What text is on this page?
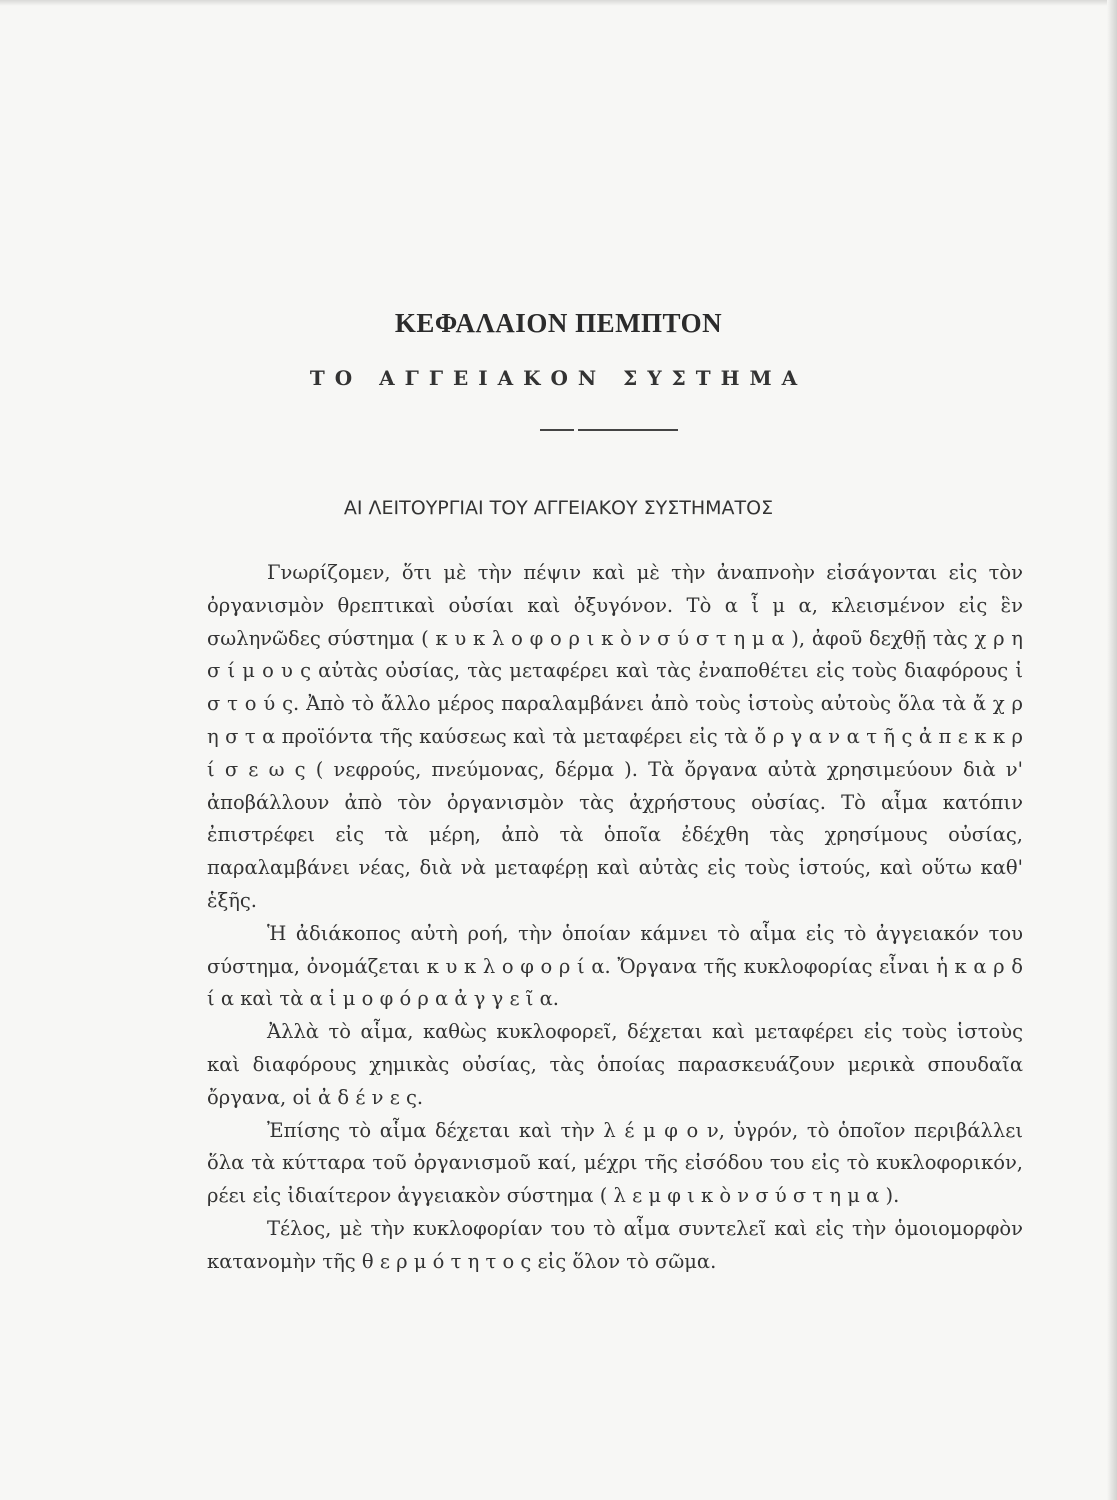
ΚΕΦΑΛΑΙΟΝ ΠΕΜΠΤΟΝ
ΤΟ ΑΓΓΕΙΑΚΟΝ ΣΥΣΤΗΜΑ
ΑΙ ΛΕΙΤΟΥΡΓΙΑΙ ΤΟΥ ΑΓΓΕΙΑΚΟΥ ΣΥΣΤΗΜΑΤΟΣ

Γνωρίζομεν, ὅτι μὲ τὴν πέψιν καὶ μὲ τὴν ἀναπνοὴν εἰσάγονται εἰς τὸν ὀργανισμὸν θρεπτικαὶ οὐσίαι καὶ ὀξυγόνον. Τὸ α ἷ μ α, κλεισμένον εἰς ἓν σωληνῶδες σύστημα ( κ υ κ λ ο φ ο ρ ι κ ὸ ν σ ύ σ τ η μ α ), ἀφοῦ δεχθῇ τὰς χ ρ η σ ί μ ο υ ς αὐτὰς οὐσίας, τὰς μεταφέρει καὶ τὰς ἐναποθέτει εἰς τοὺς διαφόρους ἱ σ τ ο ύ ς. Ἀπὸ τὸ ἄλλο μέρος παραλαμβάνει ἀπὸ τοὺς ἱστοὺς αὐτοὺς ὅλα τὰ ἄ χ ρ η σ τ α προϊόντα τῆς καύσεως καὶ τὰ μεταφέρει εἰς τὰ ὄ ρ γ α ν α τ ῆ ς ἀ π ε κ κ ρ ί σ ε ω ς ( νεφρούς, πνεύμονας, δέρμα ). Τὰ ὄργανα αὐτὰ χρησιμεύουν διὰ ν' ἀποβάλλουν ἀπὸ τὸν ὀργανισμὸν τὰς ἀχρήστους οὐσίας. Τὸ αἷμα κατόπιν ἐπιστρέφει εἰς τὰ μέρη, ἀπὸ τὰ ὁποῖα ἐδέχθη τὰς χρησίμους οὐσίας, παραλαμβάνει νέας, διὰ νὰ μεταφέρῃ καὶ αὐτὰς εἰς τοὺς ἱστούς, καὶ οὕτω καθ' ἑξῆς.

Ἡ ἀδιάκοπος αὐτὴ ροή, τὴν ὁποίαν κάμνει τὸ αἷμα εἰς τὸ ἀγγειακόν του σύστημα, ὀνομάζεται κ υ κ λ ο φ ο ρ ί α. Ὄργανα τῆς κυκλοφορίας εἶναι ἡ κ α ρ δ ί α καὶ τὰ α ἱ μ ο φ ό ρ α ἀ γ γ ε ῖ α.

Ἀλλὰ τὸ αἷμα, καθὼς κυκλοφορεῖ, δέχεται καὶ μεταφέρει εἰς τοὺς ἱστοὺς καὶ διαφόρους χημικὰς οὐσίας, τὰς ὁποίας παρασκευάζουν μερικὰ σπουδαῖα ὄργανα, οἱ ἀ δ έ ν ε ς.

Ἐπίσης τὸ αἷμα δέχεται καὶ τὴν λ έ μ φ ο ν, ὑγρόν, τὸ ὁποῖον περιβάλλει ὅλα τὰ κύτταρα τοῦ ὀργανισμοῦ καί, μέχρι τῆς εἰσόδου του εἰς τὸ κυκλοφορικόν, ρέει εἰς ἰδιαίτερον ἀγγειακὸν σύστημα ( λ ε μ φ ι κ ὸ ν σ ύ σ τ η μ α ).

Τέλος, μὲ τὴν κυκλοφορίαν του τὸ αἷμα συντελεῖ καὶ εἰς τὴν ὁμοιομορφὸν κατανομὴν τῆς θ ε ρ μ ό τ η τ ο ς εἰς ὅλον τὸ σῶμα.
